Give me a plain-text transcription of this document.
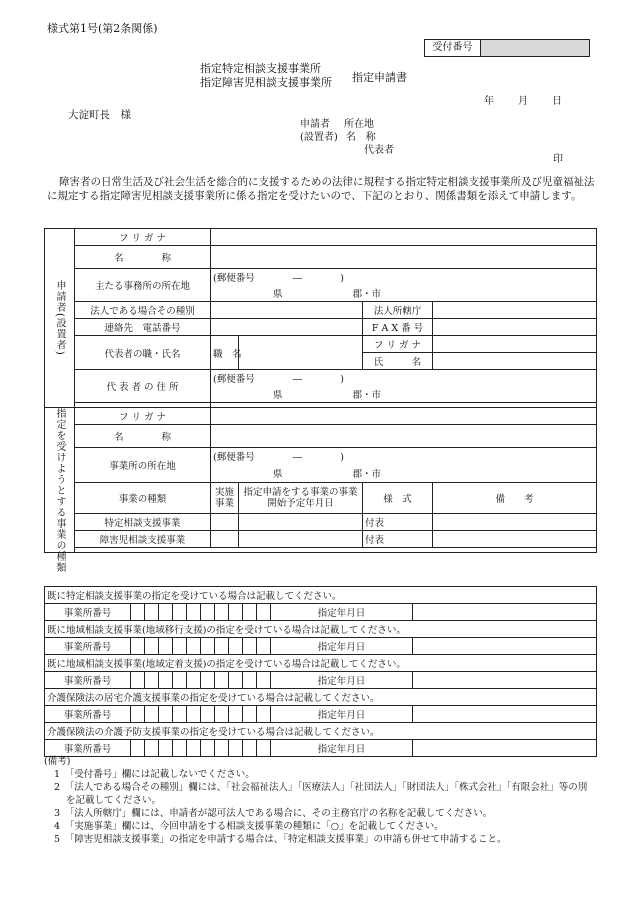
様式第1号(第2条関係)
受付番号
指定特定相談支援事業所
指定障害児相談支援事業所 指定申請書
年 月 日
大淀町長　様
申請者 所在地
(設置者) 名　称
代表者
印
障害者の日常生活及び社会生活を総合的に支援するための法律に規程する指定特定相談支援事業所及び児童福祉法に規定する指定障害児相談支援事業所に係る指定を受けたいので、下記のとおり、関係書類を添えて申請します。
申請者(設置者)	フ リ ガ ナ				
	名　　　　称				
	主たる事務所の所在地	(郵便番号　　　　―　　　　)			
		県 郡・市			
	法人である場合その種別			法人所轄庁	
	連絡先　 電話番号			F A X 番 号	
	代表者の職・氏名	職　名		フ リ ガ ナ	
				氏　　　名	
	代 表 者 の 住 所	(郵便番号　　　　―　　　　)			
		県 郡・市			

指定を受けようとする事業の種類	フ リ ガ ナ				
	名　　　　称				
	事業所の所在地	(郵便番号　　　　―　　　　)			
		県 郡・市			
	事業の種類	実施事業	指定申請をする事業の事業開始予定年月日	様　式	備　　考
	特定相談支援事業			付表	
	障害児相談支援事業			付表	

既に特定相談支援事業の指定を受けている場合は記載してください。												
事業所番号											指定年月日	
既に地域相談支援事業(地域移行支援)の指定を受けている場合は記載してください。												
事業所番号											指定年月日	
既に地域相談支援事業(地域定着支援)の指定を受けている場合は記載してください。												
事業所番号											指定年月日	
介護保険法の居宅介護支援事業の指定を受けている場合は記載してください。												
事業所番号											指定年月日	
介護保険法の介護予防支援事業の指定を受けている場合は記載してください。												
事業所番号											指定年月日	
(備考)
1　「受付番号」欄には記載しないでください。
2　「法人である場合その種別」欄には、「社会福祉法人」「医療法人」「社団法人」「財団法人」「株式会社」「有限会社」等の別を記載してください。
3　「法人所轄庁」欄には、申請者が認可法人である場合に、その主務官庁の名称を記載してください。
4　「実施事業」欄には、今回申請をする相談支援事業の種類に「○」を記載してください。
5　「障害児相談支援事業」の指定を申請する場合は、「特定相談支援事業」の申請も併せて申請すること。
